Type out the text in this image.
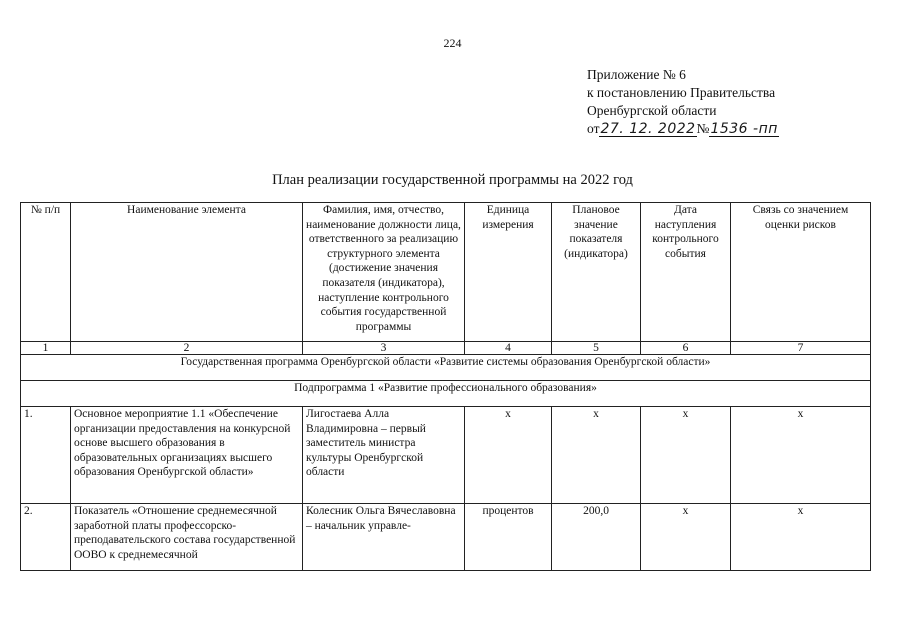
224
Приложение № 6
к постановлению Правительства
Оренбургской области
от 27. 12. 2022 № 1536 -пп
План реализации государственной программы на 2022 год
№ п/п	Наименование элемента	Фамилия, имя, отчество, наименование должности лица, ответственного за реализацию структурного элемента (достижение значения показателя (индикатора), наступление контрольного события государственной программы	Единица измерения	Плановое значение показателя (индикатора)	Дата наступления контрольного события	Связь со значением оценки рисков
1	2	3	4	5	6	7
Государственная программа Оренбургской области «Развитие системы образования Оренбургской области»						
Подпрограмма 1 «Развитие профессионального образования»						
1.	Основное мероприятие 1.1 «Обеспечение организации предоставления на конкурсной основе высшего образования в образовательных организациях высшего образования Оренбургской области»	Лигостаева Алла Владимировна – первый заместитель министра культуры Оренбургской области	х	х	х	х
2.	Показатель «Отношение среднемесячной заработной платы профессорско-преподавательского состава государственной ООВО к среднемесячной	Колесник Ольга Вячеславовна – начальник управле-	процентов	200,0	х	х
